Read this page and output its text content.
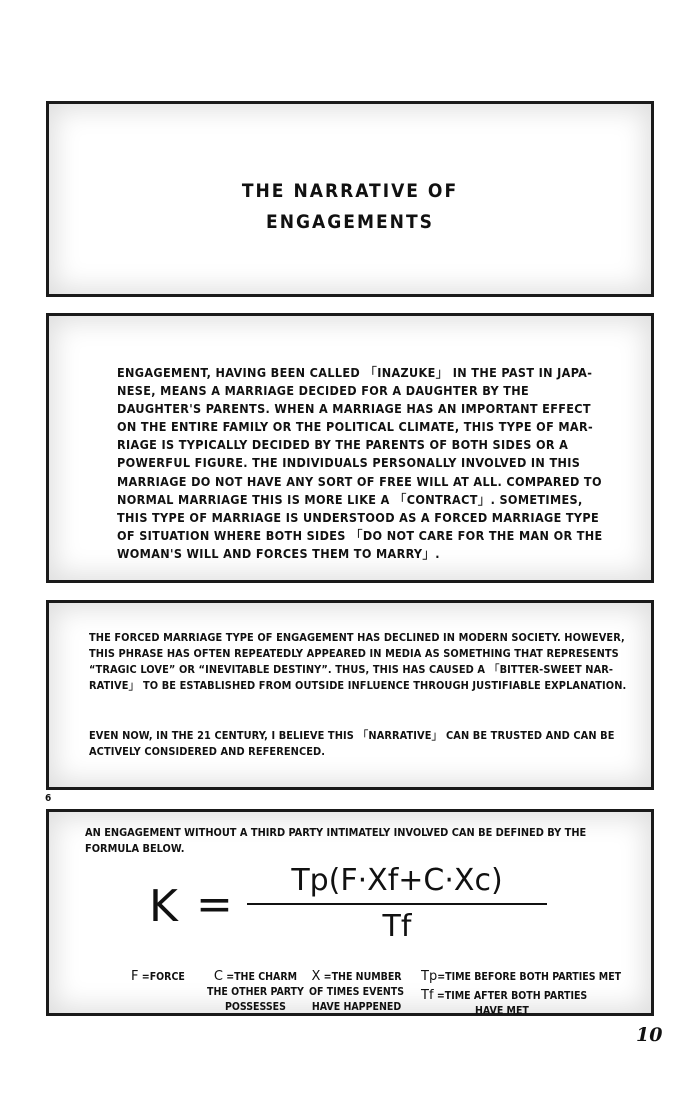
THE NARRATIVE OF
ENGAGEMENTS
ENGAGEMENT, HAVING BEEN CALLED 「INAZUKE」 IN THE PAST IN JAPA-
NESE, MEANS A MARRIAGE DECIDED FOR A DAUGHTER BY THE
DAUGHTER'S PARENTS. WHEN A MARRIAGE HAS AN IMPORTANT EFFECT
ON THE ENTIRE FAMILY OR THE POLITICAL CLIMATE, THIS TYPE OF MAR-
RIAGE IS TYPICALLY DECIDED BY THE PARENTS OF BOTH SIDES OR A
POWERFUL FIGURE. THE INDIVIDUALS PERSONALLY INVOLVED IN THIS
MARRIAGE DO NOT HAVE ANY SORT OF FREE WILL AT ALL. COMPARED TO
NORMAL MARRIAGE THIS IS MORE LIKE A 「CONTRACT」. SOMETIMES,
THIS TYPE OF MARRIAGE IS UNDERSTOOD AS A FORCED MARRIAGE TYPE
OF SITUATION WHERE BOTH SIDES 「DO NOT CARE FOR THE MAN OR THE
WOMAN'S WILL AND FORCES THEM TO MARRY」.
THE FORCED MARRIAGE TYPE OF ENGAGEMENT HAS DECLINED IN MODERN SOCIETY. HOWEVER,
THIS PHRASE HAS OFTEN REPEATEDLY APPEARED IN MEDIA AS SOMETHING THAT REPRESENTS
“TRAGIC LOVE” OR “INEVITABLE DESTINY”. THUS, THIS HAS CAUSED A 「BITTER-SWEET NAR-
RATIVE」 TO BE ESTABLISHED FROM OUTSIDE INFLUENCE THROUGH JUSTIFIABLE EXPLANATION.
EVEN NOW, IN THE 21 CENTURY, I BELIEVE THIS 「NARRATIVE」 CAN BE TRUSTED AND CAN BE
ACTIVELY CONSIDERED AND REFERENCED.
6
AN ENGAGEMENT WITHOUT A THIRD PARTY INTIMATELY INVOLVED CAN BE DEFINED BY THE
FORMULA BELOW.
K =	Tp(F·Xf+C·Xc)
Tf
F =FORCE	C =THE CHARM
THE OTHER PARTY
POSSESSES
X =THE NUMBER
OF TIMES EVENTS
HAVE HAPPENED
Tp=TIME BEFORE BOTH PARTIES MET
Tf =TIME AFTER BOTH PARTIES
HAVE MET
10
